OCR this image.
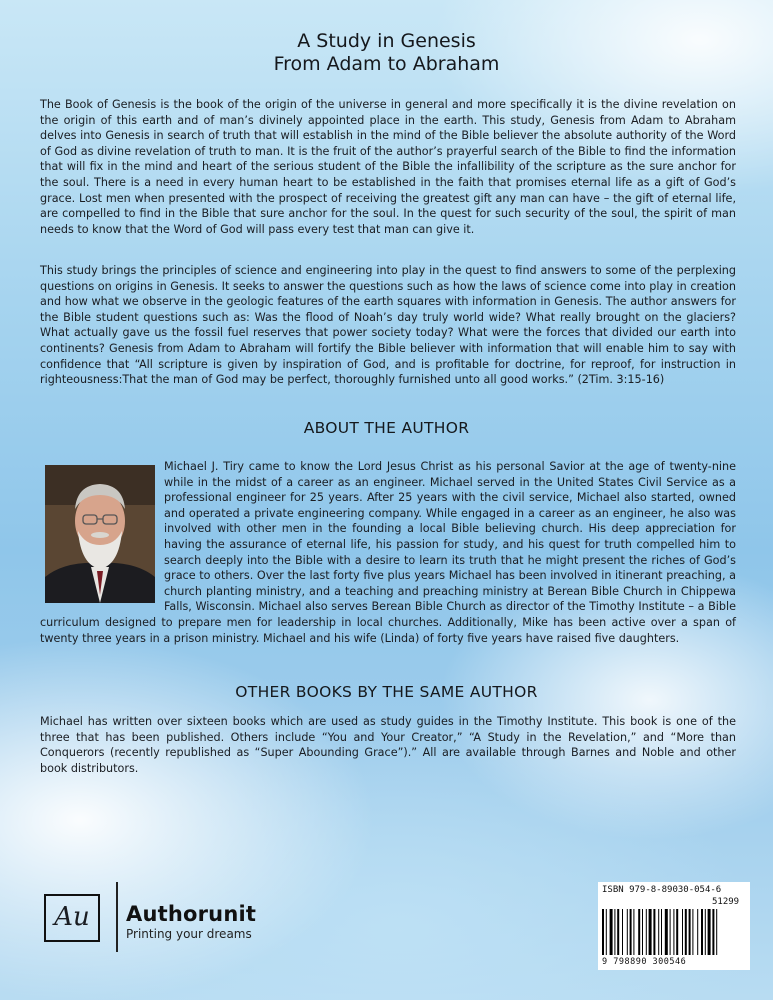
A Study in Genesis
From Adam to Abraham

The Book of Genesis is the book of the origin of the universe in general and more specifically it is the divine revelation on the origin of this earth and of man’s divinely appointed place in the earth. This study, Genesis from Adam to Abraham delves into Genesis in search of truth that will establish in the mind of the Bible believer the absolute authority of the Word of God as divine revelation of truth to man. It is the fruit of the author’s prayerful search of the Bible to find the information that will fix in the mind and heart of the serious student of the Bible the infallibility of the scripture as the sure anchor for the soul. There is a need in every human heart to be established in the faith that promises eternal life as a gift of God’s grace. Lost men when presented with the prospect of receiving the greatest gift any man can have – the gift of eternal life, are compelled to find in the Bible that sure anchor for the soul. In the quest for such security of the soul, the spirit of man needs to know that the Word of God will pass every test that man can give it.

This study brings the principles of science and engineering into play in the quest to find answers to some of the perplexing questions on origins in Genesis. It seeks to answer the questions such as how the laws of science come into play in creation and how what we observe in the geologic features of the earth squares with information in Genesis. The author answers for the Bible student questions such as: Was the flood of Noah’s day truly world wide? What really brought on the glaciers? What actually gave us the fossil fuel reserves that power society today? What were the forces that divided our earth into continents? Genesis from Adam to Abraham will fortify the Bible believer with information that will enable him to say with confidence that “All scripture is given by inspiration of God, and is profitable for doctrine, for reproof, for instruction in righteousness:That the man of God may be perfect, thoroughly furnished unto all good works.” (2Tim. 3:15-16)

ABOUT THE AUTHOR
Michael J. Tiry came to know the Lord Jesus Christ as his personal Savior at the age of twenty-nine while in the midst of a career as an engineer. Michael served in the United States Civil Service as a professional engineer for 25 years. After 25 years with the civil service, Michael also started, owned and operated a private engineering company. While engaged in a career as an engineer, he also was involved with other men in the founding a local Bible believing church. His deep appreciation for having the assurance of eternal life, his passion for study, and his quest for truth compelled him to search deeply into the Bible with a desire to learn its truth that he might present the riches of God’s grace to others. Over the last forty five plus years Michael has been involved in itinerant preaching, a church planting ministry, and a teaching and preaching ministry at Berean Bible Church in Chippewa Falls, Wisconsin. Michael also serves Berean Bible Church as director of the Timothy Institute – a Bible curriculum designed to prepare men for leadership in local churches. Additionally, Mike has been active over a span of twenty three years in a prison ministry. Michael and his wife (Linda) of forty five years have raised five daughters.
OTHER BOOKS BY THE SAME AUTHOR

Michael has written over sixteen books which are used as study guides in the Timothy Institute. This book is one of the three that has been published. Others include “You and Your Creator,” “A Study in the Revelation,” and “More than Conquerors (recently republished as “Super Abounding Grace”).” All are available through Barnes and Noble and other book distributors.

Au	Authorunit
Printing your dreams
ISBN 979-8-89030-054-6
51299
9 798890 300546
